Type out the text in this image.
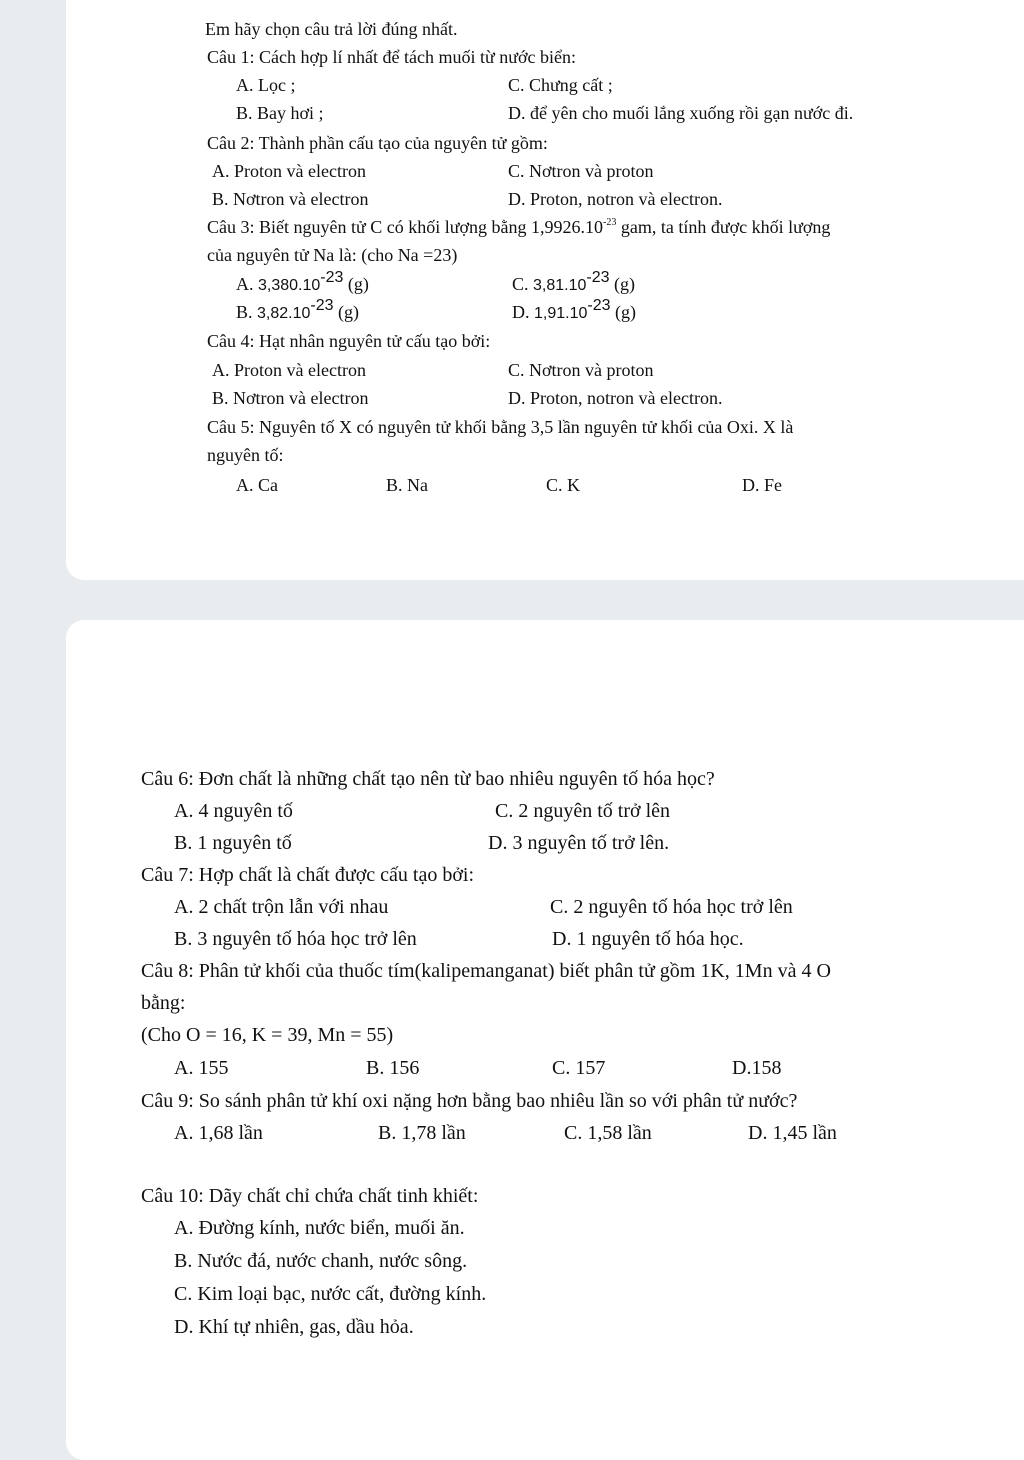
Em hãy chọn câu trả lời đúng nhất.
Câu 1: Cách hợp lí nhất để tách muối từ nước biển:
A. Lọc ;	C. Chưng cất ;
B. Bay hơi ;	D. để yên cho muối lắng xuống rồi gạn nước đi.
Câu 2: Thành phần cấu tạo của nguyên tử gồm:
A. Proton và electron	C. Nơtron và proton
B. Nơtron và electron	D. Proton, notron và electron.
Câu 3: Biết nguyên tử C có khối lượng bằng $1,9926.10^{-23}$ gam, ta tính được khối lượng
của nguyên tử Na là: (cho Na =23)
A. $3,380.10^{-23}$ (g)	C. $3,81.10^{-23}$ (g)
B. $3,82.10^{-23}$ (g)	D. $1,91.10^{-23}$ (g)
Câu 4: Hạt nhân nguyên tử cấu tạo bởi:
A. Proton và electron	C. Nơtron và proton
B. Nơtron và electron	D. Proton, notron và electron.
Câu 5: Nguyên tố X có nguyên tử khối bằng 3,5 lần nguyên tử khối của Oxi. X là
nguyên tố:
A. Ca	B. Na	C. K	D. Fe
Câu 6: Đơn chất là những chất tạo nên từ bao nhiêu nguyên tố hóa học?
A. 4 nguyên tố	C. 2 nguyên tố trở lên
B. 1 nguyên tố	D. 3 nguyên tố trở lên.
Câu 7: Hợp chất là chất được cấu tạo bởi:
A. 2 chất trộn lẫn với nhau	C. 2 nguyên tố hóa học trở lên
B. 3 nguyên tố hóa học trở lên	D. 1 nguyên tố hóa học.
Câu 8: Phân tử khối của thuốc tím(kalipemanganat) biết phân tử gồm 1K, 1Mn và 4 O
bằng:
(Cho O = 16, K = 39, Mn = 55)
A. 155	B. 156	C. 157	D.158
Câu 9: So sánh phân tử khí oxi nặng hơn bằng bao nhiêu lần so với phân tử nước?
A. 1,68 lần	B. 1,78 lần	C. 1,58 lần	D. 1,45 lần
Câu 10: Dãy chất chỉ chứa chất tinh khiết:
A. Đường kính, nước biển, muối ăn.
B. Nước đá, nước chanh, nước sông.
C. Kim loại bạc, nước cất, đường kính.
D. Khí tự nhiên, gas, dầu hỏa.
